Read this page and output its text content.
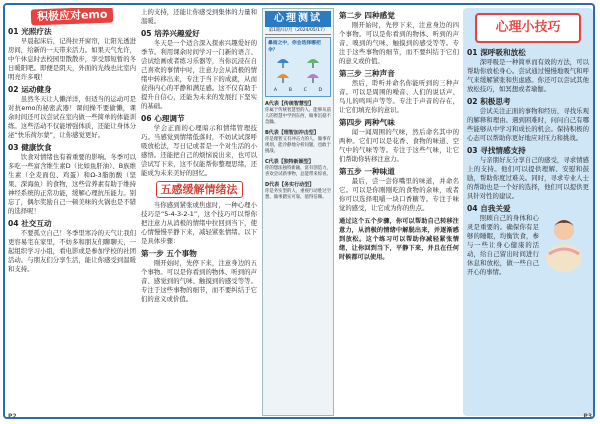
积极应对emo
01 光照疗法

早晨起床后，记得拉开窗帘，让阳光透进房间，给新的一天带来活力。如果天气允许，中午休息时去校园里散散步，享受那短暂的冬日暖阳吧。即便是阴天，外面的光线也比室内明亮许多哦！

02 运动健身

虽然冬天让人懒洋洋，但适当的运动可是对抗emo的秘密武器！课间操不要偷懒，课余时间还可以尝试在室内做一些简单的体能训练。这些活动不仅能增强体质，还能让身体分泌“快乐荷尔蒙”，让你感觉更好。

03 健康饮食

饮食对情绪也有着重要的影响。冬季可以多吃一些富含维生素D（比如鱼肝油）、B族维生素（全麦面包、鸡蛋）和Ω-3脂肪酸（坚果、深海鱼）的食物，这些营养素有助于维持神经系统的正常功能，缓解心理抗压能力。别忘了，偶尔奖励自己一顿美味的火锅也是不错的选择呢！

04 社交互动

不要孤立自己！冬季里寒冷的天气让我们更容易宅在家里，不妨多和朋友们聊聊天，一起组织学习小组，看电影或是参加学校的社团活动。与朋友们分享生活，能让你感受到温暖和支持。

上的支持，还能让你感受到集体的力量和温暖。

05 培养兴趣爱好

冬天是一个适合深入探索兴趣爱好的季节。利用课余时间学习一门新的语言、尝试绘画或者练习乐器等，当你沉浸在自己喜欢的事情中时，注意力会从消极的情绪中转移出来，专注于当下的成就，从而获得内心的平静和满足感。这不仅有助于提升自信心，还能为未来的发展打下坚实的基础。

06 心理调节

学会正面的心理暗示和情绪管理技巧。当感觉到情绪低落时，不妨试试深呼吸放松法，写日记或者是一个对生活的小感悟。还能把自己的烦恼说出来，也可以尝试写下来，这不仅能帮你整理思绪，还能成为未来美好的回忆。

五感缓解情绪法

当你感到紧张或焦虑时，一种心理小技巧是“5-4-3-2-1”，这个技巧可以帮你把注意力从消极的情绪中拉回到当下，使心情慢慢平静下来，减轻紧张情绪。以下是具体步骤：

第一步 五个事物

刚开始时，先停下来，注意身边的五个事物。可以是你看到的物体、听到的声音、感觉到的气味、触摸到的感受等等。专注于这些事物的细节，而不要纠结于它们的意义或价值。

心理测试
第1期/日/月（2024/05/17）
暴雨之中，你会选择哪把伞？
A	B	C	D
A代表【传统智慧型】
你属于传统智慧型的人，能够从前人的智慧中学到东西，做事沉稳不急躁。
B代表【理智加冲击型】
你是理智又有冲击力的人，做事有规划，能冷静地分析问题，也敢于挑战。
C代表【独特新颖型】
你的想法独特新颖，富有创造力，喜欢尝试新事物，总能带来惊喜。
D代表【务实行动型】
你是务实型的人，重视行动胜过空想，做事踏实可靠，值得信赖。
第二步 四种感觉

刚开始时，先停下来，注意身边的四个事物。可以是你看到的物体、听到的声音、嗅到的气味、触摸到的感受等等。专注于这些事物的细节，而不要纠结于它们的意义或价值。

第三步 三种声音

然后，聆听并命名你能听到的三种声音。可以是周围的噪音、人们的说话声、鸟儿的鸣叫声等等。专注于声音的存在，让它们填充你的意识。

第四步 两种气味

闻一闻周围的气味，然后命名其中的两种。它们可以是花香、食物的味道、空气中的气味等等。专注于这些气味，让它们帮助你转移注意力。

第五步 一种味道

最后，尝一尝你嘴里的味道，并命名它。可以是你刚刚吃的食物的余味，或者你可以选择咀嚼一块口香糖等。专注于味觉的感受，让它成为你的焦点。

通过这个五个步骤，你可以帮助自己转移注意力，从消极的情绪中解脱出来，并逐渐感到放松。这个练习可以帮助你减轻紧张情绪，让你回到当下，平静下来，并且在任何时候都可以使用。
心理小技巧
01 深呼吸和放松

深呼吸是一种简单而有效的方法，可以帮助你放松身心。尝试通过慢慢地吸气和呼气来缓解紧张和焦虑感。你还可以尝试其他放松技巧，如冥想或者瑜伽。

02 积极思考

尝试关注正面的事物和经历，寻找乐观的解释和理由。遇到困难时，问问自己有哪些能够从中学习和成长的机会。保持积极的心态可以帮助你更好地应对压力和挑战。

03 寻找情感支持

与亲朋好友分享自己的感受，寻求情感上的支持。他们可以提供理解、安慰和鼓励，帮助你度过难关。同时，寻求专业人士的帮助也是一个好的选择，他们可以提供更具针对性的建议。

04 自我关爱

照顾自己的身体和心灵是重要的。确保你有足够的睡眠，均衡饮食，参与一些让身心健康的活动，给自己留出时间进行休息和放松，做一些自己开心的事情。

P2	P3
